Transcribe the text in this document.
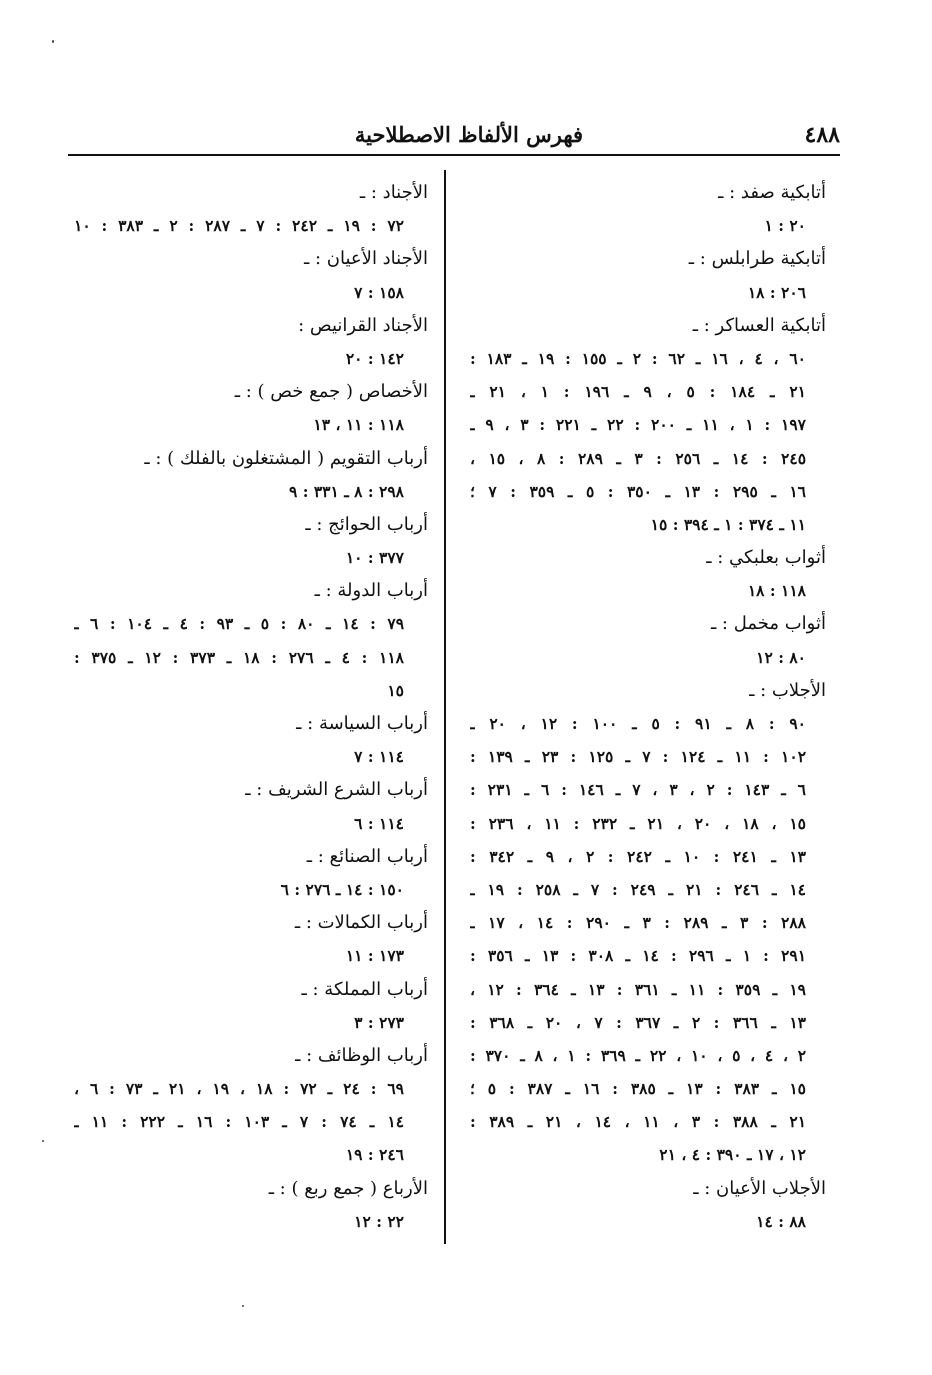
٤٨٨
فهرس الألفاظ الاصطلاحية
أتابكية صفد : ـ
٢٠ : ١
أتابكية طرابلس : ـ
٢٠٦ : ١٨
أتابكية العساكر : ـ
٦٠ ، ٤ ، ١٦ ـ ٦٢ : ٢ ـ ١٥٥ : ١٩ ـ ١٨٣ :
٢١ ـ ١٨٤ : ٥ ، ٩ ـ ١٩٦ : ١ ، ٢١ ـ
١٩٧ : ١ ، ١١ ـ ٢٠٠ : ٢٢ ـ ٢٢١ : ٣ ، ٩ ـ
٢٤٥ : ١٤ ـ ٢٥٦ : ٣ ـ ٢٨٩ : ٨ ، ١٥ ،
١٦ ـ ٢٩٥ : ١٣ ـ ٣٥٠ : ٥ ـ ٣٥٩ : ٧ ؛
١١ ـ ٣٧٤ : ١ ـ ٣٩٤ : ١٥
أثواب بعلبكي : ـ
١١٨ : ١٨
أثواب مخمل : ـ
٨٠ : ١٢
الأجلاب : ـ
٩٠ : ٨ ـ ٩١ : ٥ ـ ١٠٠ : ١٢ ، ٢٠ ـ
١٠٢ : ١١ ـ ١٢٤ : ٧ ـ ١٢٥ : ٢٣ ـ ١٣٩ :
٦ ـ ١٤٣ : ٢ ، ٣ ، ٧ ـ ١٤٦ : ٦ ـ ٢٣١ :
١٥ ، ١٨ ، ٢٠ ، ٢١ ـ ٢٣٢ : ١١ ، ٢٣٦ :
١٣ ـ ٢٤١ : ١٠ ـ ٢٤٢ : ٢ ، ٩ ـ ٣٤٢ :
١٤ ـ ٢٤٦ : ٢١ ـ ٢٤٩ : ٧ ـ ٢٥٨ : ١٩ ـ
٢٨٨ : ٣ ـ ٢٨٩ : ٣ ـ ٢٩٠ : ١٤ ، ١٧ ـ
٢٩١ : ١ ـ ٢٩٦ : ١٤ ـ ٣٠٨ : ١٣ ـ ٣٥٦ :
١٩ ـ ٣٥٩ : ١١ ـ ٣٦١ : ١٣ ـ ٣٦٤ : ١٢ ،
١٣ ـ ٣٦٦ : ٢ ـ ٣٦٧ : ٧ ، ٢٠ ـ ٣٦٨ :
٢ ، ٤ ، ٥ ، ١٠ ، ٢٢ ـ ٣٦٩ : ١ ، ٨ ـ ٣٧٠ :
١٥ ـ ٣٨٣ : ١٣ ـ ٣٨٥ : ١٦ ـ ٣٨٧ : ٥ ؛
٢١ ـ ٣٨٨ : ٣ ، ١١ ، ١٤ ، ٢١ ـ ٣٨٩ :
١٢ ، ١٧ ـ ٣٩٠ : ٤ ، ٢١
الأجلاب الأعيان : ـ
٨٨ : ١٤
الأجناد : ـ
٧٢ : ١٩ ـ ٢٤٢ : ٧ ـ ٢٨٧ : ٢ ـ ٣٨٣ : ١٠
الأجناد الأعيان : ـ
١٥٨ : ٧
الأجناد القرانيص :
١٤٢ : ٢٠
الأخصاص ( جمع خص ) : ـ
١١٨ : ١١ ، ١٣
أرباب التقويم ( المشتغلون بالفلك ) : ـ
٢٩٨ : ٨ ـ ٣٣١ : ٩
أرباب الحوائج : ـ
٣٧٧ : ١٠
أرباب الدولة : ـ
٧٩ : ١٤ ـ ٨٠ : ٥ ـ ٩٣ : ٤ ـ ١٠٤ : ٦ ـ
١١٨ : ٤ ـ ٢٧٦ : ١٨ ـ ٣٧٣ : ١٢ ـ ٣٧٥ :
١٥
أرباب السياسة : ـ
١١٤ : ٧
أرباب الشرع الشريف : ـ
١١٤ : ٦
أرباب الصنائع : ـ
١٥٠ : ١٤ ـ ٢٧٦ : ٦
أرباب الكمالات : ـ
١٧٣ : ١١
أرباب المملكة : ـ
٢٧٣ : ٣
أرباب الوظائف : ـ
٦٩ : ٢٤ ـ ٧٢ : ١٨ ، ١٩ ، ٢١ ـ ٧٣ : ٦ ،
١٤ ـ ٧٤ : ٧ ـ ١٠٣ : ١٦ ـ ٢٢٢ : ١١ ـ
٢٤٦ : ١٩
الأرباع ( جمع ربع ) : ـ
٢٢ : ١٢
